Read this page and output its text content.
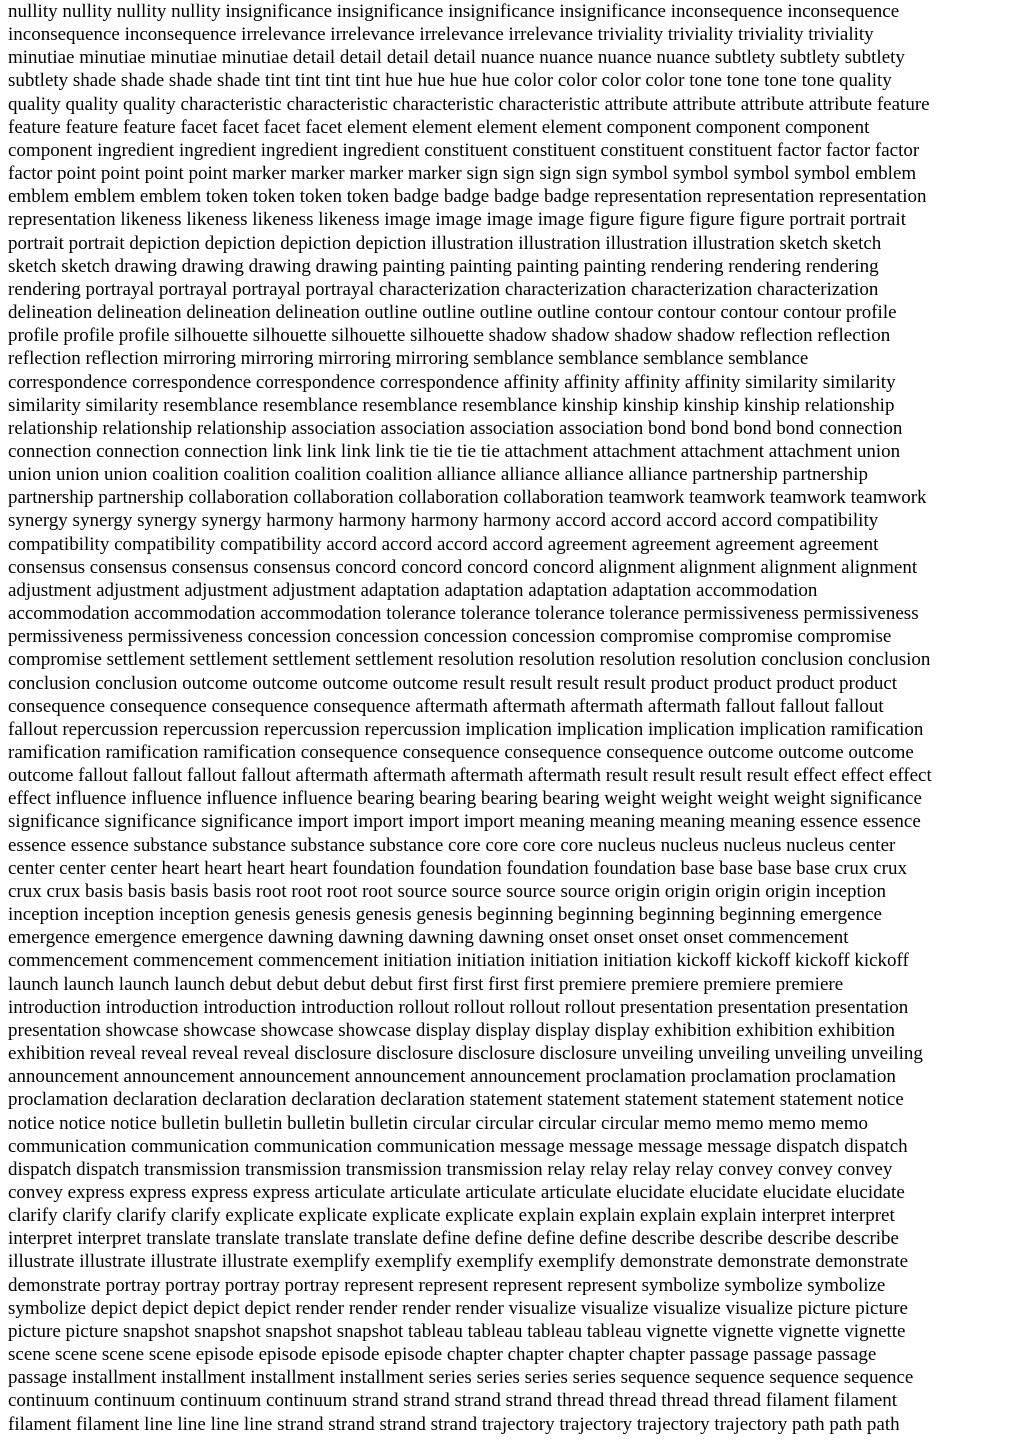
nullity nullity nullity nullity insignificance insignificance insignificance insignificance inconsequence inconsequence
inconsequence inconsequence irrelevance irrelevance irrelevance irrelevance triviality triviality triviality triviality
minutiae minutiae minutiae minutiae detail detail detail detail nuance nuance nuance nuance subtlety subtlety subtlety
subtlety shade shade shade shade tint tint tint tint hue hue hue hue color color color color tone tone tone tone quality
quality quality quality characteristic characteristic characteristic characteristic attribute attribute attribute attribute feature
feature feature feature facet facet facet facet element element element element component component component
component ingredient ingredient ingredient ingredient constituent constituent constituent constituent factor factor factor
factor point point point point marker marker marker marker sign sign sign sign symbol symbol symbol symbol emblem
emblem emblem emblem token token token token badge badge badge badge representation representation representation
representation likeness likeness likeness likeness image image image image figure figure figure figure portrait portrait
portrait portrait depiction depiction depiction depiction illustration illustration illustration illustration sketch sketch
sketch sketch drawing drawing drawing drawing painting painting painting painting rendering rendering rendering
rendering portrayal portrayal portrayal portrayal characterization characterization characterization characterization
delineation delineation delineation delineation outline outline outline outline contour contour contour contour profile
profile profile profile silhouette silhouette silhouette silhouette shadow shadow shadow shadow reflection reflection
reflection reflection mirroring mirroring mirroring mirroring semblance semblance semblance semblance
correspondence correspondence correspondence correspondence affinity affinity affinity affinity similarity similarity
similarity similarity resemblance resemblance resemblance resemblance kinship kinship kinship kinship relationship
relationship relationship relationship association association association association bond bond bond bond connection
connection connection connection link link link link tie tie tie tie attachment attachment attachment attachment union
union union union coalition coalition coalition coalition alliance alliance alliance alliance partnership partnership
partnership partnership collaboration collaboration collaboration collaboration teamwork teamwork teamwork teamwork
synergy synergy synergy synergy harmony harmony harmony harmony accord accord accord accord compatibility
compatibility compatibility compatibility accord accord accord accord agreement agreement agreement agreement
consensus consensus consensus consensus concord concord concord concord alignment alignment alignment alignment
adjustment adjustment adjustment adjustment adaptation adaptation adaptation adaptation accommodation
accommodation accommodation accommodation tolerance tolerance tolerance tolerance permissiveness permissiveness
permissiveness permissiveness concession concession concession concession compromise compromise compromise
compromise settlement settlement settlement settlement resolution resolution resolution resolution conclusion conclusion
conclusion conclusion outcome outcome outcome outcome result result result result product product product product
consequence consequence consequence consequence aftermath aftermath aftermath aftermath fallout fallout fallout
fallout repercussion repercussion repercussion repercussion implication implication implication implication ramification
ramification ramification ramification consequence consequence consequence consequence outcome outcome outcome
outcome fallout fallout fallout fallout aftermath aftermath aftermath aftermath result result result result effect effect effect
effect influence influence influence influence bearing bearing bearing bearing weight weight weight weight significance
significance significance significance import import import import meaning meaning meaning meaning essence essence
essence essence substance substance substance substance core core core core nucleus nucleus nucleus nucleus center
center center center heart heart heart heart foundation foundation foundation foundation base base base base crux crux
crux crux basis basis basis basis root root root root source source source source origin origin origin origin inception
inception inception inception genesis genesis genesis genesis beginning beginning beginning beginning emergence
emergence emergence emergence dawning dawning dawning dawning onset onset onset onset commencement
commencement commencement commencement initiation initiation initiation initiation kickoff kickoff kickoff kickoff
launch launch launch launch debut debut debut debut first first first first premiere premiere premiere premiere
introduction introduction introduction introduction rollout rollout rollout rollout presentation presentation presentation
presentation showcase showcase showcase showcase display display display display exhibition exhibition exhibition
exhibition reveal reveal reveal reveal disclosure disclosure disclosure disclosure unveiling unveiling unveiling unveiling
announcement announcement announcement announcement announcement proclamation proclamation proclamation
proclamation declaration declaration declaration declaration statement statement statement statement statement notice
notice notice notice bulletin bulletin bulletin bulletin circular circular circular circular memo memo memo memo
communication communication communication communication message message message message dispatch dispatch
dispatch dispatch transmission transmission transmission transmission relay relay relay relay convey convey convey
convey express express express express articulate articulate articulate articulate elucidate elucidate elucidate elucidate
clarify clarify clarify clarify explicate explicate explicate explicate explain explain explain explain interpret interpret
interpret interpret translate translate translate translate define define define define describe describe describe describe
illustrate illustrate illustrate illustrate exemplify exemplify exemplify exemplify demonstrate demonstrate demonstrate
demonstrate portray portray portray portray represent represent represent represent symbolize symbolize symbolize
symbolize depict depict depict depict render render render render visualize visualize visualize visualize picture picture
picture picture snapshot snapshot snapshot snapshot tableau tableau tableau tableau vignette vignette vignette vignette
scene scene scene scene episode episode episode episode chapter chapter chapter chapter passage passage passage
passage installment installment installment installment series series series series sequence sequence sequence sequence
continuum continuum continuum continuum strand strand strand strand thread thread thread thread filament filament
filament filament line line line line strand strand strand strand trajectory trajectory trajectory trajectory path path path
